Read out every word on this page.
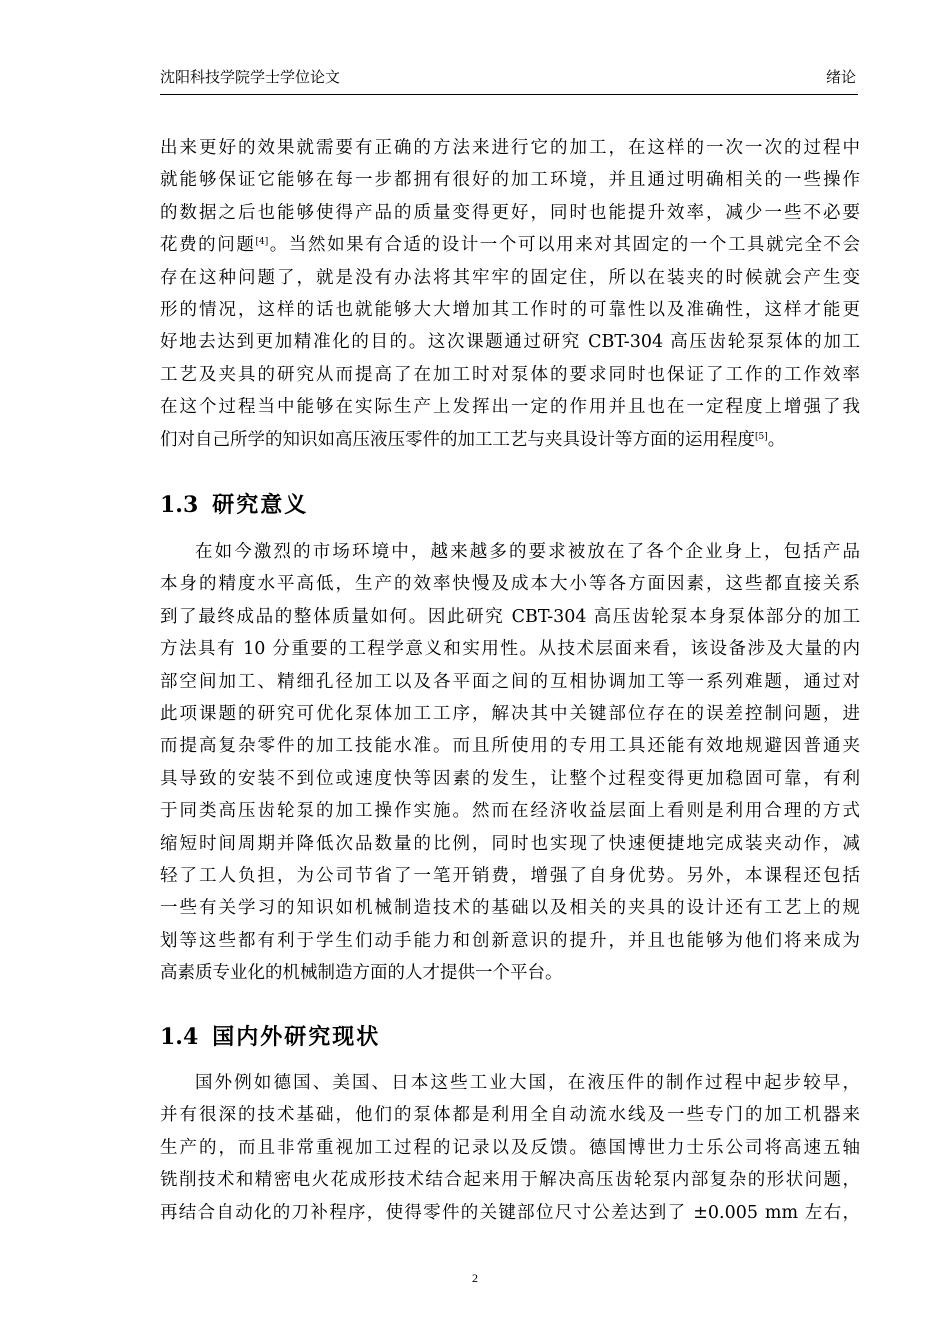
沈阳科技学院学士学位论文	绪论
出来更好的效果就需要有正确的方法来进行它的加工，在这样的一次一次的过程中
就能够保证它能够在每一步都拥有很好的加工环境，并且通过明确相关的一些操作
的数据之后也能够使得产品的质量变得更好，同时也能提升效率，减少一些不必要
花费的问题[4]。当然如果有合适的设计一个可以用来对其固定的一个工具就完全不会
存在这种问题了，就是没有办法将其牢牢的固定住，所以在装夹的时候就会产生变
形的情况，这样的话也就能够大大增加其工作时的可靠性以及准确性，这样才能更
好地去达到更加精准化的目的。这次课题通过研究 CBT-304 高压齿轮泵泵体的加工
工艺及夹具的研究从而提高了在加工时对泵体的要求同时也保证了工作的工作效率
在这个过程当中能够在实际生产上发挥出一定的作用并且也在一定程度上增强了我
们对自己所学的知识如高压液压零件的加工工艺与夹具设计等方面的运用程度[5]。
1.3 研究意义
在如今激烈的市场环境中，越来越多的要求被放在了各个企业身上，包括产品
本身的精度水平高低，生产的效率快慢及成本大小等各方面因素，这些都直接关系
到了最终成品的整体质量如何。因此研究 CBT-304 高压齿轮泵本身泵体部分的加工
方法具有 10 分重要的工程学意义和实用性。从技术层面来看，该设备涉及大量的内
部空间加工、精细孔径加工以及各平面之间的互相协调加工等一系列难题，通过对
此项课题的研究可优化泵体加工工序，解决其中关键部位存在的误差控制问题，进
而提高复杂零件的加工技能水准。而且所使用的专用工具还能有效地规避因普通夹
具导致的安装不到位或速度快等因素的发生，让整个过程变得更加稳固可靠，有利
于同类高压齿轮泵的加工操作实施。然而在经济收益层面上看则是利用合理的方式
缩短时间周期并降低次品数量的比例，同时也实现了快速便捷地完成装夹动作，减
轻了工人负担，为公司节省了一笔开销费，增强了自身优势。另外，本课程还包括
一些有关学习的知识如机械制造技术的基础以及相关的夹具的设计还有工艺上的规
划等这些都有利于学生们动手能力和创新意识的提升，并且也能够为他们将来成为
高素质专业化的机械制造方面的人才提供一个平台。
1.4 国内外研究现状
国外例如德国、美国、日本这些工业大国，在液压件的制作过程中起步较早，
并有很深的技术基础，他们的泵体都是利用全自动流水线及一些专门的加工机器来
生产的，而且非常重视加工过程的记录以及反馈。德国博世力士乐公司将高速五轴
铣削技术和精密电火花成形技术结合起来用于解决高压齿轮泵内部复杂的形状问题，
再结合自动化的刀补程序，使得零件的关键部位尺寸公差达到了 ±0.005 mm 左右，
2
